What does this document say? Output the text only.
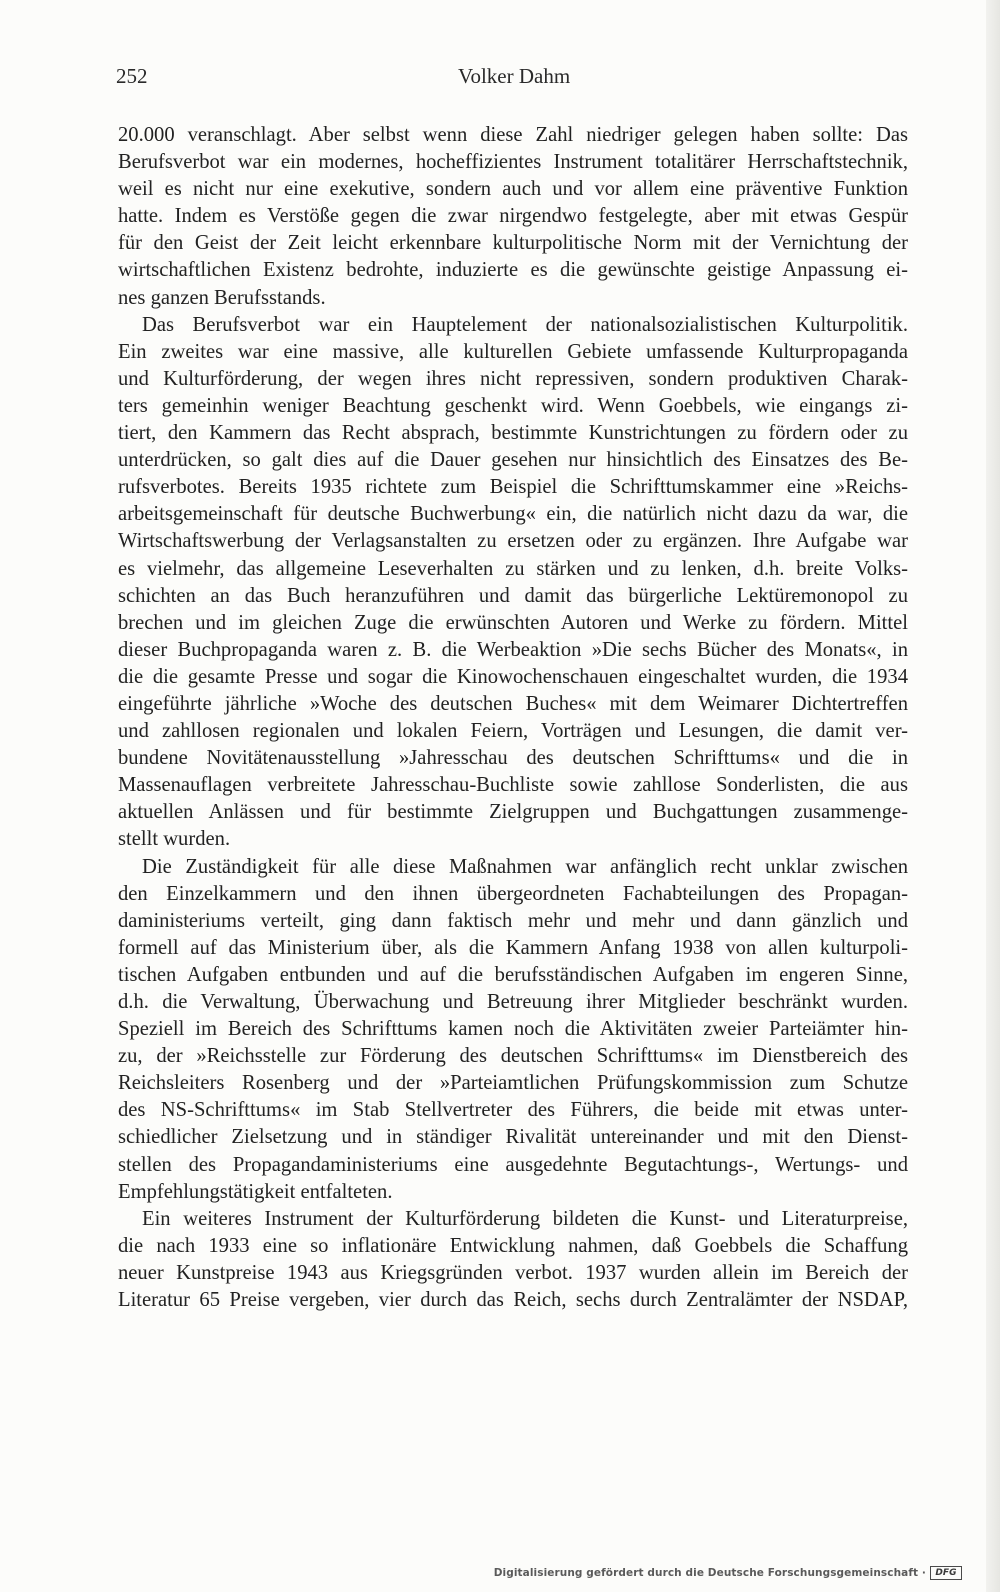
252	Volker Dahm

20.000 veranschlagt. Aber selbst wenn diese Zahl niedriger gelegen haben sollte: Das
Berufsverbot war ein modernes, hocheffizientes Instrument totalitärer Herrschaftstechnik,
weil es nicht nur eine exekutive, sondern auch und vor allem eine präventive Funktion
hatte. Indem es Verstöße gegen die zwar nirgendwo festgelegte, aber mit etwas Gespür
für den Geist der Zeit leicht erkennbare kulturpolitische Norm mit der Vernichtung der
wirtschaftlichen Existenz bedrohte, induzierte es die gewünschte geistige Anpassung ei-
nes ganzen Berufsstands.

Das Berufsverbot war ein Hauptelement der nationalsozialistischen Kulturpolitik.
Ein zweites war eine massive, alle kulturellen Gebiete umfassende Kulturpropaganda
und Kulturförderung, der wegen ihres nicht repressiven, sondern produktiven Charak-
ters gemeinhin weniger Beachtung geschenkt wird. Wenn Goebbels, wie eingangs zi-
tiert, den Kammern das Recht absprach, bestimmte Kunstrichtungen zu fördern oder zu
unterdrücken, so galt dies auf die Dauer gesehen nur hinsichtlich des Einsatzes des Be-
rufsverbotes. Bereits 1935 richtete zum Beispiel die Schrifttumskammer eine »Reichs-
arbeitsgemeinschaft für deutsche Buchwerbung« ein, die natürlich nicht dazu da war, die
Wirtschaftswerbung der Verlagsanstalten zu ersetzen oder zu ergänzen. Ihre Aufgabe war
es vielmehr, das allgemeine Leseverhalten zu stärken und zu lenken, d.h. breite Volks-
schichten an das Buch heranzuführen und damit das bürgerliche Lektüremonopol zu
brechen und im gleichen Zuge die erwünschten Autoren und Werke zu fördern. Mittel
dieser Buchpropaganda waren z. B. die Werbeaktion »Die sechs Bücher des Monats«, in
die die gesamte Presse und sogar die Kinowochenschauen eingeschaltet wurden, die 1934
eingeführte jährliche »Woche des deutschen Buches« mit dem Weimarer Dichtertreffen
und zahllosen regionalen und lokalen Feiern, Vorträgen und Lesungen, die damit ver-
bundene Novitätenausstellung »Jahresschau des deutschen Schrifttums« und die in
Massenauflagen verbreitete Jahresschau-Buchliste sowie zahllose Sonderlisten, die aus
aktuellen Anlässen und für bestimmte Zielgruppen und Buchgattungen zusammenge-
stellt wurden.

Die Zuständigkeit für alle diese Maßnahmen war anfänglich recht unklar zwischen
den Einzelkammern und den ihnen übergeordneten Fachabteilungen des Propagan-
daministeriums verteilt, ging dann faktisch mehr und mehr und dann gänzlich und
formell auf das Ministerium über, als die Kammern Anfang 1938 von allen kulturpoli-
tischen Aufgaben entbunden und auf die berufsständischen Aufgaben im engeren Sinne,
d.h. die Verwaltung, Überwachung und Betreuung ihrer Mitglieder beschränkt wurden.
Speziell im Bereich des Schrifttums kamen noch die Aktivitäten zweier Parteiämter hin-
zu, der »Reichsstelle zur Förderung des deutschen Schrifttums« im Dienstbereich des
Reichsleiters Rosenberg und der »Parteiamtlichen Prüfungskommission zum Schutze
des NS-Schrifttums« im Stab Stellvertreter des Führers, die beide mit etwas unter-
schiedlicher Zielsetzung und in ständiger Rivalität untereinander und mit den Dienst-
stellen des Propagandaministeriums eine ausgedehnte Begutachtungs-, Wertungs- und
Empfehlungstätigkeit entfalteten.

Ein weiteres Instrument der Kulturförderung bildeten die Kunst- und Literaturpreise,
die nach 1933 eine so inflationäre Entwicklung nahmen, daß Goebbels die Schaffung
neuer Kunstpreise 1943 aus Kriegsgründen verbot. 1937 wurden allein im Bereich der
Literatur 65 Preise vergeben, vier durch das Reich, sechs durch Zentralämter der NSDAP,

Digitalisierung gefördert durch die Deutsche Forschungsgemeinschaft ·	DFG
